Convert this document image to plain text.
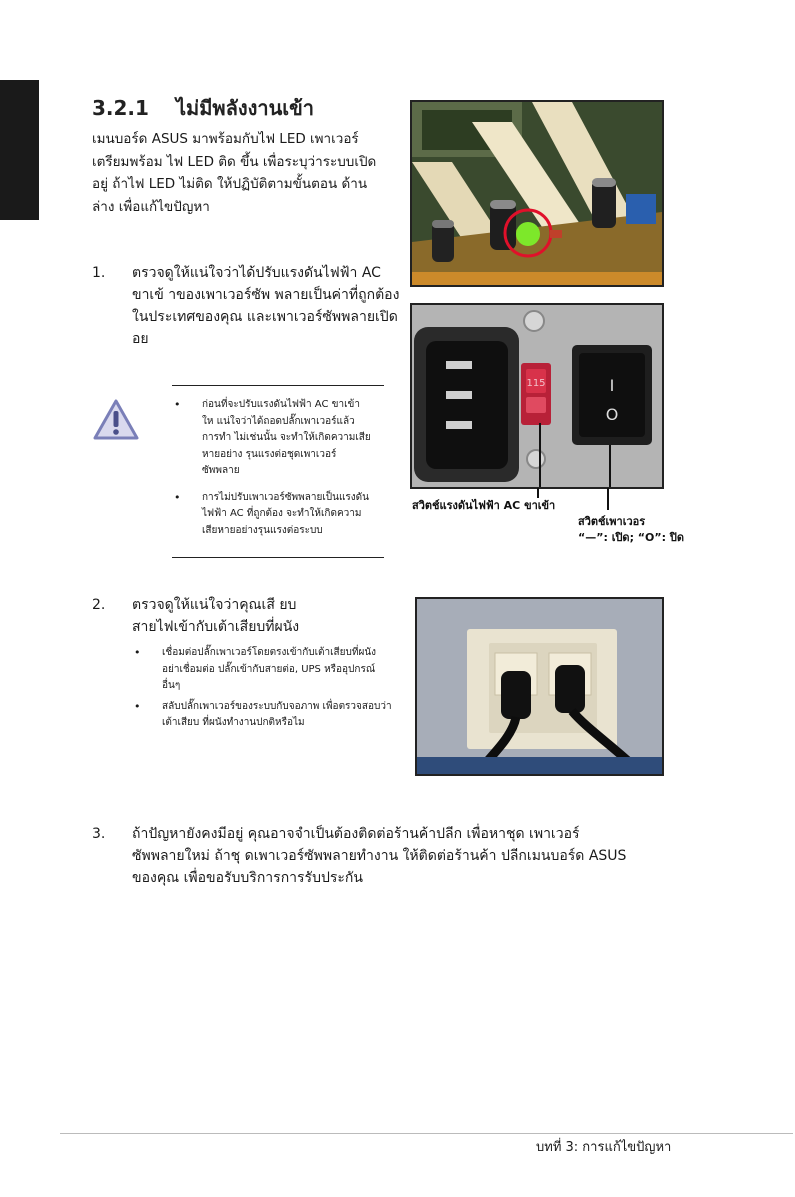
3.2.1 ไม่มีพลังงานเข้า
เมนบอร์ด ASUS มาพร้อมกับไฟ LED เพาเวอร์เตรียมพร้อม ไฟ LED ติด ขึ้น เพื่อระบุว่าระบบเปิดอยู่ ถ้าไฟ LED ไม่ติด ให้ปฏิบัติตามขั้นตอน ด้านล่าง เพื่อแก้ไขปัญหา
1. ตรวจดูให้แน่ใจว่าได้ปรับแรงดันไฟฟ้า AC ขาเข้ าของเพาเวอร์ซัพ พลายเป็นค่าที่ถูกต้องในประเทศของคุณ และเพาเวอร์ซัพพลายเปิด อย
• ก่อนที่จะปรับแรงดันไฟฟ้า AC ขาเข้า ให แน่ใจว่าได้ถอดปลั๊กเพาเวอร์แล้ว การทำ ไม่เช่นนั้น จะทำให้เกิดความเสียหายอย่าง รุนแรงต่อชุดเพาเวอร์ซัพพลาย
• การไม่ปรับเพาเวอร์ซัพพลายเป็นแรงดัน ไฟฟ้า AC ที่ถูกต้อง จะทำให้เกิดความ เสียหายอย่างรุนแรงต่อระบบ
115	I
O
สวิตช์แรงดันไฟฟ้า AC ขาเข้า
สวิตช์เพาเวอร
“—”: เปิด; “O”: ปิด
2. ตรวจดูให้แน่ใจว่าคุณเสี ยบสายไฟเข้ากับเต้าเสียบที่ผนัง
• เชื่อมต่อปลั๊กเพาเวอร์โดยตรงเข้ากับเต้าเสียบที่ผนัง อย่าเชื่อมต่อ ปลั๊กเข้ากับสายต่อ, UPS หรืออุปกรณ์อื่นๆ
• สลับปลั๊กเพาเวอร์ของระบบกับจอภาพ เพื่อตรวจสอบว่าเต้าเสียบ ที่ผนังทำงานปกติหรือไม
3. ถ้าปัญหายังคงมีอยู่ คุณอาจจำเป็นต้องติดต่อร้านค้าปลีก เพื่อหาชุด เพาเวอร์ซัพพลายใหม่ ถ้าชุ ดเพาเวอร์ซัพพลายทำงาน ให้ติดต่อร้านค้า ปลีกเมนบอร์ด ASUS ของคุณ เพื่อขอรับบริการการรับประกัน
บทที่ 3: การแก้ไขปัญหา
